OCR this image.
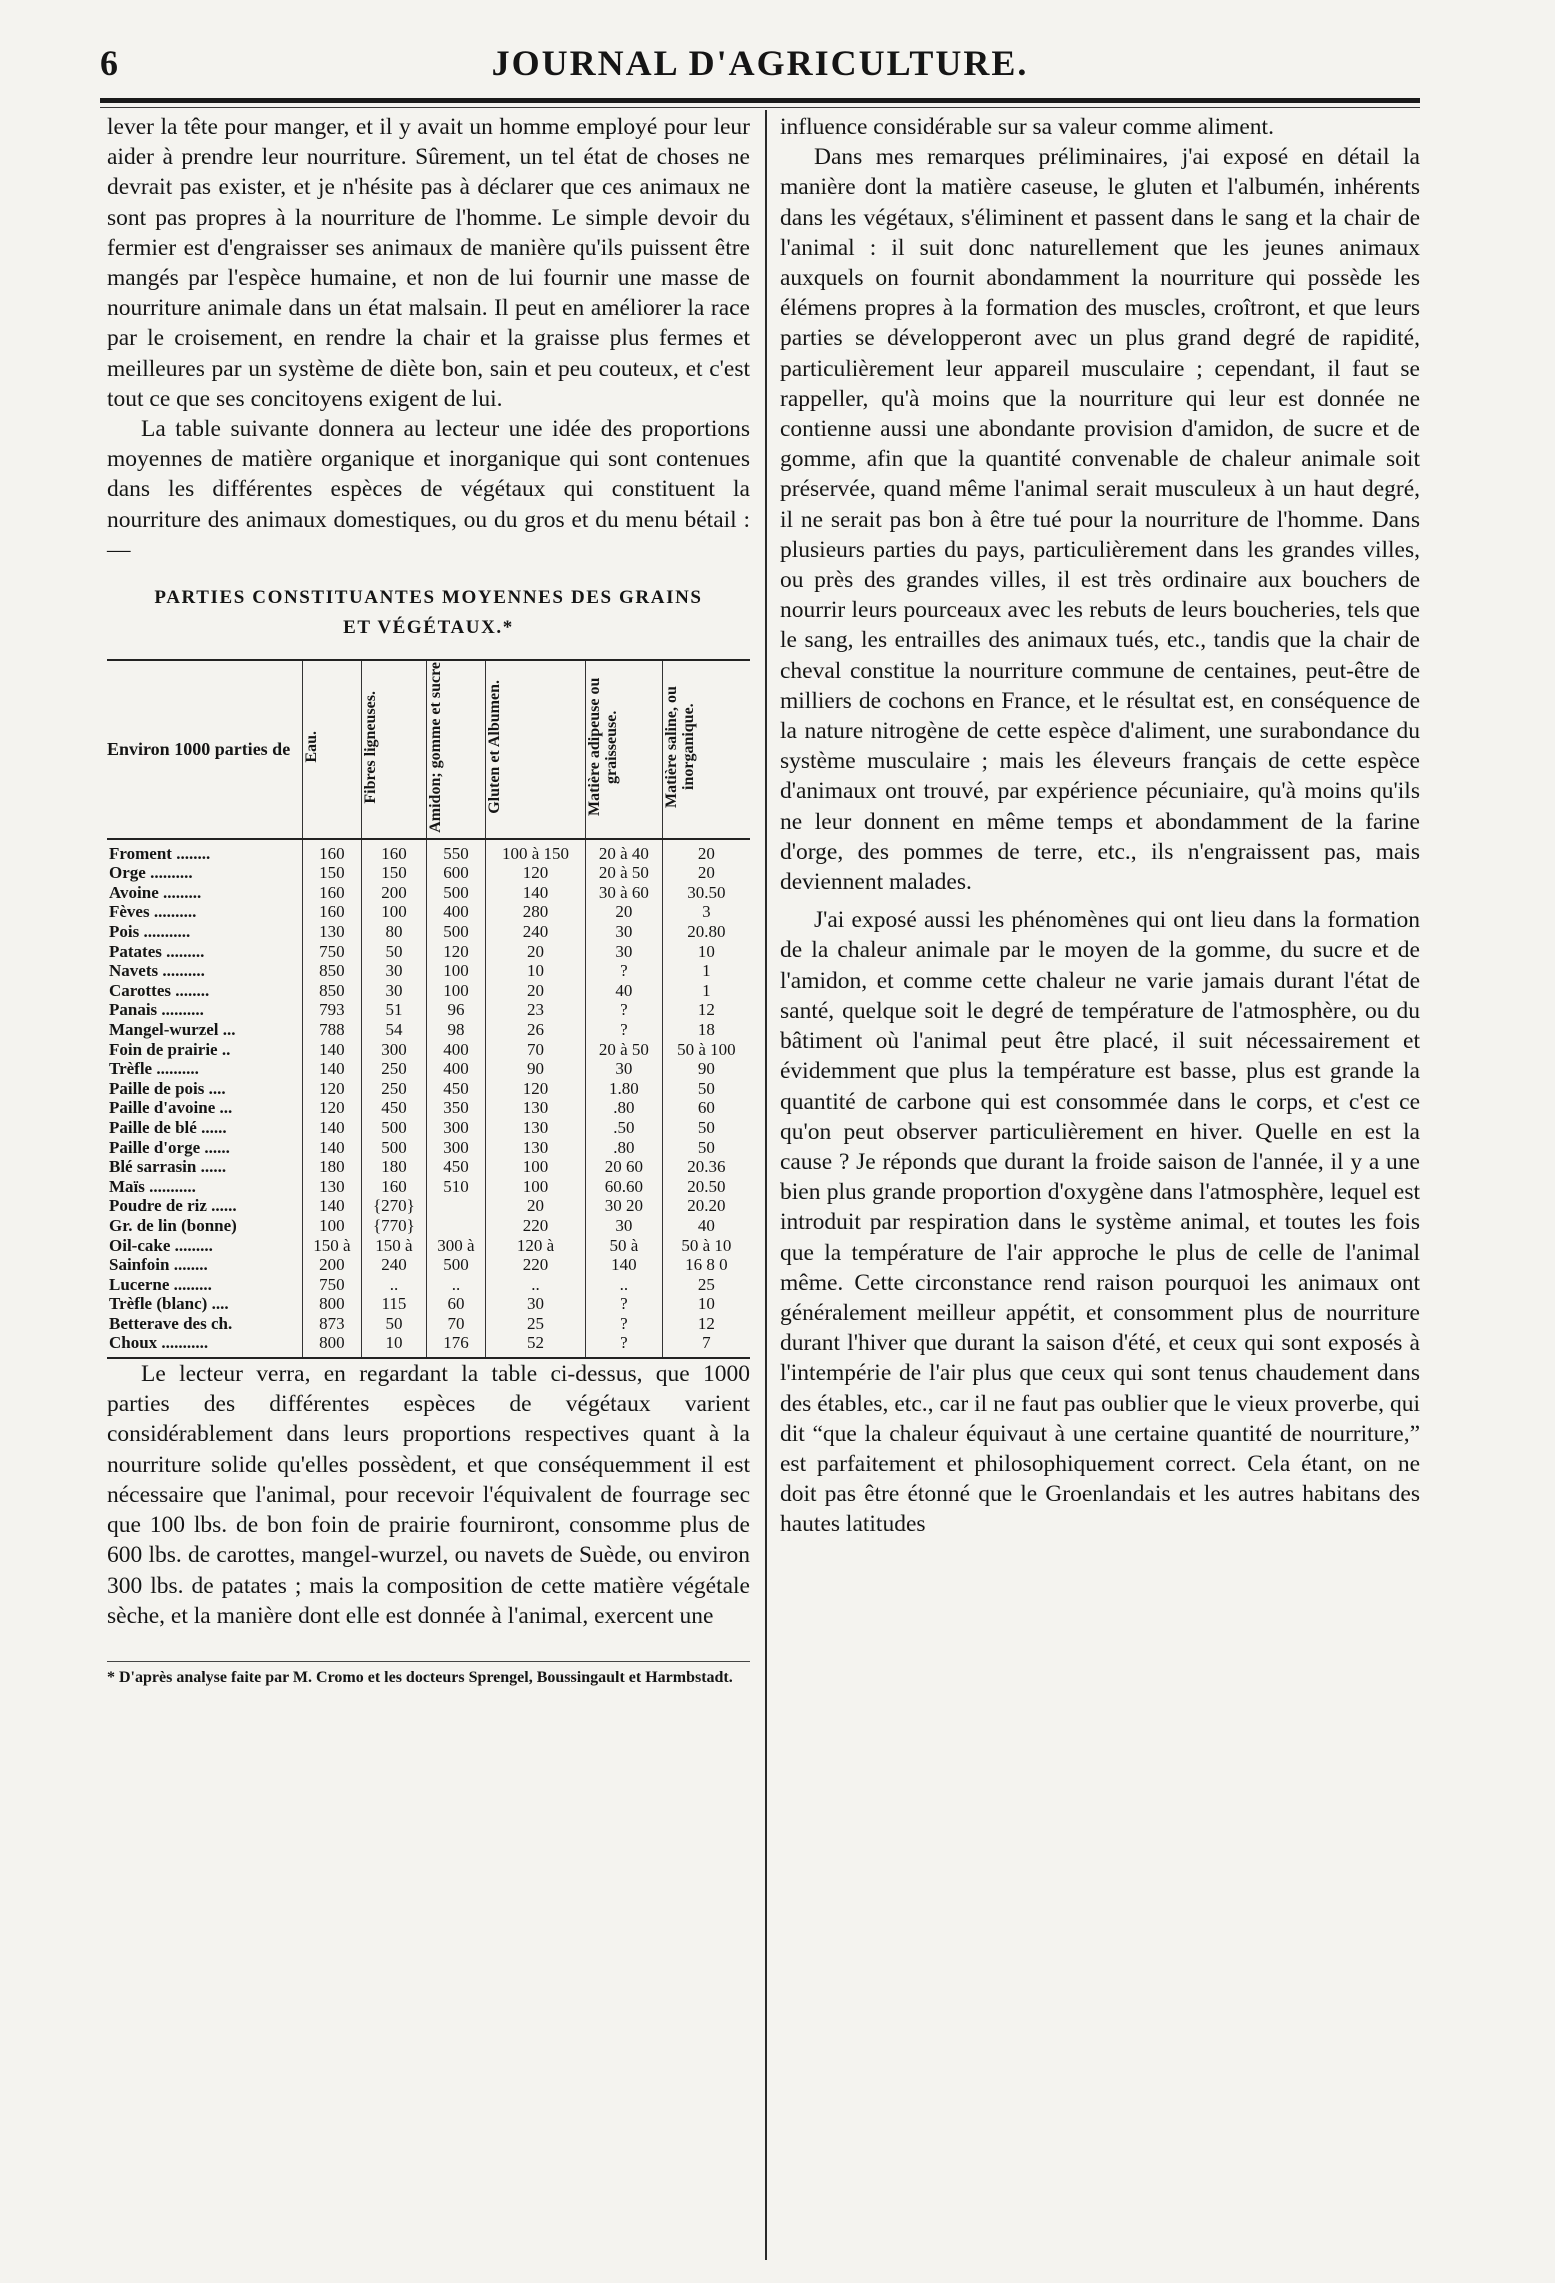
6	JOURNAL D'AGRICULTURE.

lever la tête pour manger, et il y avait un homme employé pour leur aider à prendre leur nourriture. Sûrement, un tel état de choses ne devrait pas exister, et je n'hésite pas à déclarer que ces animaux ne sont pas propres à la nourriture de l'homme. Le simple devoir du fermier est d'engraisser ses animaux de manière qu'ils puissent être mangés par l'espèce humaine, et non de lui fournir une masse de nourriture animale dans un état malsain. Il peut en améliorer la race par le croisement, en rendre la chair et la graisse plus fermes et meilleures par un système de diète bon, sain et peu couteux, et c'est tout ce que ses concitoyens exigent de lui.

La table suivante donnera au lecteur une idée des proportions moyennes de matière organique et inorganique qui sont contenues dans les différentes espèces de végétaux qui constituent la nourriture des animaux domestiques, ou du gros et du menu bétail :—

PARTIES CONSTITUANTES MOYENNES DES GRAINS
ET VÉGÉTAUX.*
Environ 1000 parties de	Eau.	Fibres ligneuses.	Amidon; gomme et sucre	Gluten et Albumen.	Matière adipeuse ou graisseuse.	Matière saline, ou inorganique.
Froment ........	160	160	550	100 à 150	20 à 40	20
Orge ..........	150	150	600	120	20 à 50	20
Avoine .........	160	200	500	140	30 à 60	30.50
Fèves ..........	160	100	400	280	20	3
Pois ...........	130	80	500	240	30	20.80
Patates .........	750	50	120	20	30	10
Navets ..........	850	30	100	10	?	1
Carottes ........	850	30	100	20	40	1
Panais ..........	793	51	96	23	?	12
Mangel-wurzel ...	788	54	98	26	?	18
Foin de prairie ..	140	300	400	70	20 à 50	50 à 100
Trèfle ..........	140	250	400	90	30	90
Paille de pois ....	120	250	450	120	1.80	50
Paille d'avoine ...	120	450	350	130	.80	60
Paille de blé ......	140	500	300	130	.50	50
Paille d'orge ......	140	500	300	130	.80	50
Blé sarrasin ......	180	180	450	100	20 60	20.36
Maïs ...........	130	160	510	100	60.60	20.50
Poudre de riz ......	140	{270}		20	30 20	20.20
Gr. de lin (bonne)	100	{770}		220	30	40
Oil-cake .........	150 à	150 à	300 à	120 à	50 à	50 à 10
Sainfoin ........	200	240	500	220	140	16 8 0
Lucerne .........	750	..	..	..	..	25
Trèfle (blanc) ....	800	115	60	30	?	10
Betterave des ch.	873	50	70	25	?	12
Choux ...........	800	10	176	52	?	7

Le lecteur verra, en regardant la table ci-dessus, que 1000 parties des différentes espèces de végétaux varient considérablement dans leurs proportions respectives quant à la nourriture solide qu'elles possèdent, et que conséquemment il est nécessaire que l'animal, pour recevoir l'équivalent de fourrage sec que 100 lbs. de bon foin de prairie fourniront, consomme plus de 600 lbs. de carottes, mangel-wurzel, ou navets de Suède, ou environ 300 lbs. de patates ; mais la composition de cette matière végétale sèche, et la manière dont elle est donnée à l'animal, exercent une

* D'après analyse faite par M. Cromo et les docteurs Sprengel, Boussingault et Harmbstadt.

influence considérable sur sa valeur comme aliment.

Dans mes remarques préliminaires, j'ai exposé en détail la manière dont la matière caseuse, le gluten et l'albumén, inhérents dans les végétaux, s'éliminent et passent dans le sang et la chair de l'animal : il suit donc naturellement que les jeunes animaux auxquels on fournit abondamment la nourriture qui possède les élémens propres à la formation des muscles, croîtront, et que leurs parties se développeront avec un plus grand degré de rapidité, particulièrement leur appareil musculaire ; cependant, il faut se rappeller, qu'à moins que la nourriture qui leur est donnée ne contienne aussi une abondante provision d'amidon, de sucre et de gomme, afin que la quantité convenable de chaleur animale soit préservée, quand même l'animal serait musculeux à un haut degré, il ne serait pas bon à être tué pour la nourriture de l'homme. Dans plusieurs parties du pays, particulièrement dans les grandes villes, ou près des grandes villes, il est très ordinaire aux bouchers de nourrir leurs pourceaux avec les rebuts de leurs boucheries, tels que le sang, les entrailles des animaux tués, etc., tandis que la chair de cheval constitue la nourriture commune de centaines, peut-être de milliers de cochons en France, et le résultat est, en conséquence de la nature nitrogène de cette espèce d'aliment, une surabondance du système musculaire ; mais les éleveurs français de cette espèce d'animaux ont trouvé, par expérience pécuniaire, qu'à moins qu'ils ne leur donnent en même temps et abondamment de la farine d'orge, des pommes de terre, etc., ils n'engraissent pas, mais deviennent malades.

J'ai exposé aussi les phénomènes qui ont lieu dans la formation de la chaleur animale par le moyen de la gomme, du sucre et de l'amidon, et comme cette chaleur ne varie jamais durant l'état de santé, quelque soit le degré de température de l'atmosphère, ou du bâtiment où l'animal peut être placé, il suit nécessairement et évidemment que plus la température est basse, plus est grande la quantité de carbone qui est consommée dans le corps, et c'est ce qu'on peut observer particulièrement en hiver. Quelle en est la cause ? Je réponds que durant la froide saison de l'année, il y a une bien plus grande proportion d'oxygène dans l'atmosphère, lequel est introduit par respiration dans le système animal, et toutes les fois que la température de l'air approche le plus de celle de l'animal même. Cette circonstance rend raison pourquoi les animaux ont généralement meilleur appétit, et consomment plus de nourriture durant l'hiver que durant la saison d'été, et ceux qui sont exposés à l'intempérie de l'air plus que ceux qui sont tenus chaudement dans des étables, etc., car il ne faut pas oublier que le vieux proverbe, qui dit “que la chaleur équivaut à une certaine quantité de nourriture,” est parfaitement et philosophiquement correct. Cela étant, on ne doit pas être étonné que le Groenlandais et les autres habitans des hautes latitudes
